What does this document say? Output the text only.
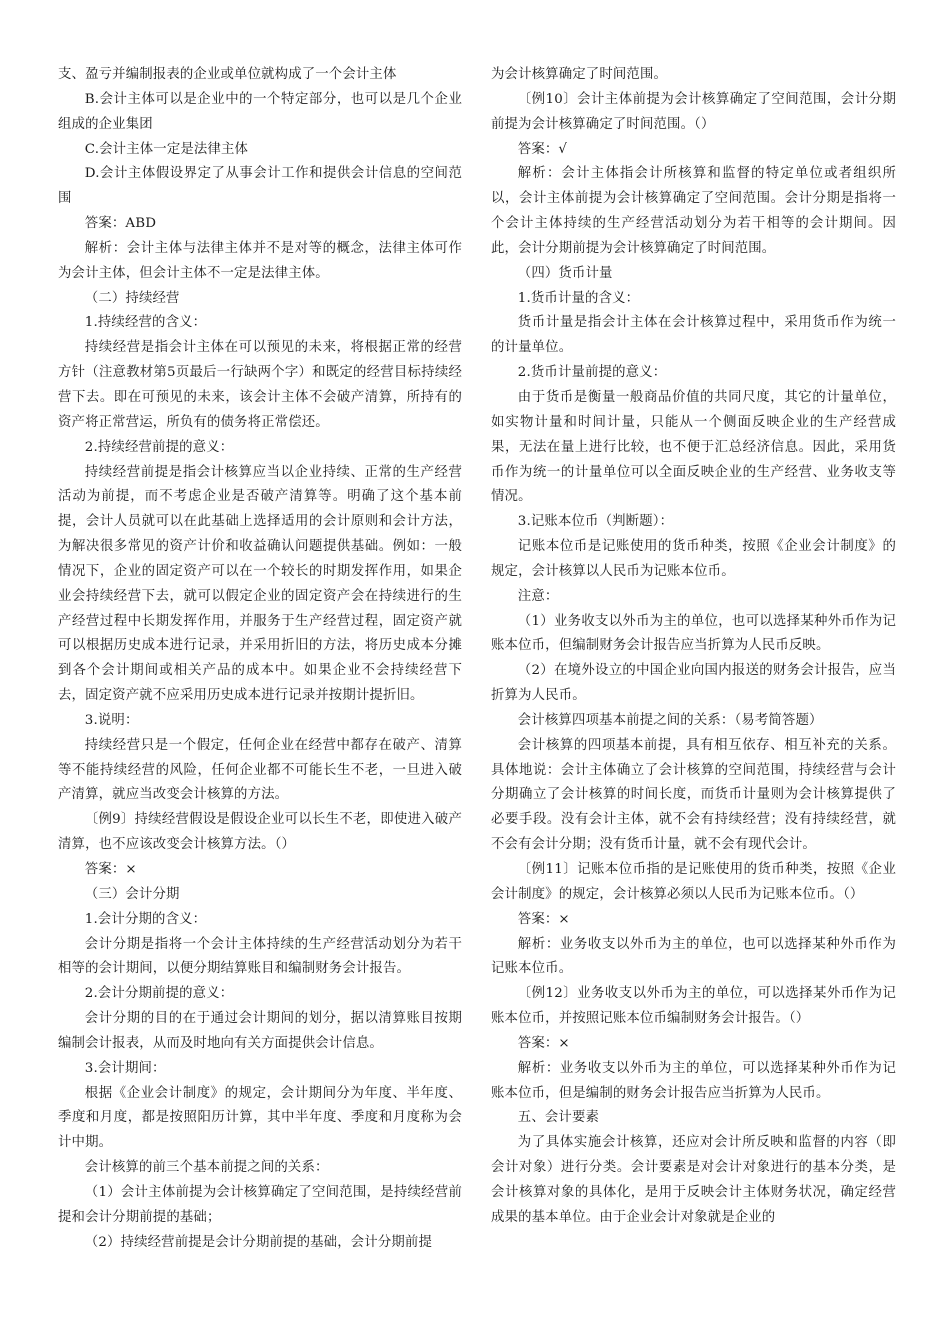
支、盈亏并编制报表的企业或单位就构成了一个会计主体

B.会计主体可以是企业中的一个特定部分，也可以是几个企业组成的企业集团

C.会计主体一定是法律主体

D.会计主体假设界定了从事会计工作和提供会计信息的空间范围

答案：ABD

解析：会计主体与法律主体并不是对等的概念，法律主体可作为会计主体，但会计主体不一定是法律主体。

（二）持续经营

1.持续经营的含义：

持续经营是指会计主体在可以预见的未来，将根据正常的经营方针（注意教材第5页最后一行缺两个字）和既定的经营目标持续经营下去。即在可预见的未来，该会计主体不会破产清算，所持有的资产将正常营运，所负有的债务将正常偿还。

2.持续经营前提的意义：

持续经营前提是指会计核算应当以企业持续、正常的生产经营活动为前提，而不考虑企业是否破产清算等。明确了这个基本前提，会计人员就可以在此基础上选择适用的会计原则和会计方法，为解决很多常见的资产计价和收益确认问题提供基础。例如：一般情况下，企业的固定资产可以在一个较长的时期发挥作用，如果企业会持续经营下去，就可以假定企业的固定资产会在持续进行的生产经营过程中长期发挥作用，并服务于生产经营过程，固定资产就可以根据历史成本进行记录，并采用折旧的方法，将历史成本分摊到各个会计期间或相关产品的成本中。如果企业不会持续经营下去，固定资产就不应采用历史成本进行记录并按期计提折旧。

3.说明：

持续经营只是一个假定，任何企业在经营中都存在破产、清算等不能持续经营的风险，任何企业都不可能长生不老，一旦进入破产清算，就应当改变会计核算的方法。

〔例9〕持续经营假设是假设企业可以长生不老，即使进入破产清算，也不应该改变会计核算方法。（）

答案：×

（三）会计分期

1.会计分期的含义：

会计分期是指将一个会计主体持续的生产经营活动划分为若干相等的会计期间，以便分期结算账目和编制财务会计报告。

2.会计分期前提的意义：

会计分期的目的在于通过会计期间的划分，据以清算账目按期编制会计报表，从而及时地向有关方面提供会计信息。

3.会计期间：

根据《企业会计制度》的规定，会计期间分为年度、半年度、季度和月度，都是按照阳历计算，其中半年度、季度和月度称为会计中期。

会计核算的前三个基本前提之间的关系：

（1）会计主体前提为会计核算确定了空间范围，是持续经营前提和会计分期前提的基础；

（2）持续经营前提是会计分期前提的基础，会计分期前提

为会计核算确定了时间范围。

〔例10〕会计主体前提为会计核算确定了空间范围，会计分期前提为会计核算确定了时间范围。（）

答案：√

解析：会计主体指会计所核算和监督的特定单位或者组织所以，会计主体前提为会计核算确定了空间范围。会计分期是指将一个会计主体持续的生产经营活动划分为若干相等的会计期间。因此，会计分期前提为会计核算确定了时间范围。

（四）货币计量

1.货币计量的含义：

货币计量是指会计主体在会计核算过程中，采用货币作为统一的计量单位。

2.货币计量前提的意义：

由于货币是衡量一般商品价值的共同尺度，其它的计量单位，如实物计量和时间计量，只能从一个侧面反映企业的生产经营成果，无法在量上进行比较，也不便于汇总经济信息。因此，采用货币作为统一的计量单位可以全面反映企业的生产经营、业务收支等情况。

3.记账本位币（判断题）：

记账本位币是记账使用的货币种类，按照《企业会计制度》的规定，会计核算以人民币为记账本位币。

注意：

（1）业务收支以外币为主的单位，也可以选择某种外币作为记账本位币，但编制财务会计报告应当折算为人民币反映。

（2）在境外设立的中国企业向国内报送的财务会计报告，应当折算为人民币。

会计核算四项基本前提之间的关系：（易考简答题）

会计核算的四项基本前提，具有相互依存、相互补充的关系。具体地说：会计主体确立了会计核算的空间范围，持续经营与会计分期确立了会计核算的时间长度，而货币计量则为会计核算提供了必要手段。没有会计主体，就不会有持续经营；没有持续经营，就不会有会计分期；没有货币计量，就不会有现代会计。

〔例11〕记账本位币指的是记账使用的货币种类，按照《企业会计制度》的规定，会计核算必须以人民币为记账本位币。（）

答案：×

解析：业务收支以外币为主的单位，也可以选择某种外币作为记账本位币。

〔例12〕业务收支以外币为主的单位，可以选择某外币作为记账本位币，并按照记账本位币编制财务会计报告。（）

答案：×

解析：业务收支以外币为主的单位，可以选择某种外币作为记账本位币，但是编制的财务会计报告应当折算为人民币。

五、会计要素

为了具体实施会计核算，还应对会计所反映和监督的内容（即会计对象）进行分类。会计要素是对会计对象进行的基本分类，是会计核算对象的具体化，是用于反映会计主体财务状况，确定经营成果的基本单位。由于企业会计对象就是企业的
